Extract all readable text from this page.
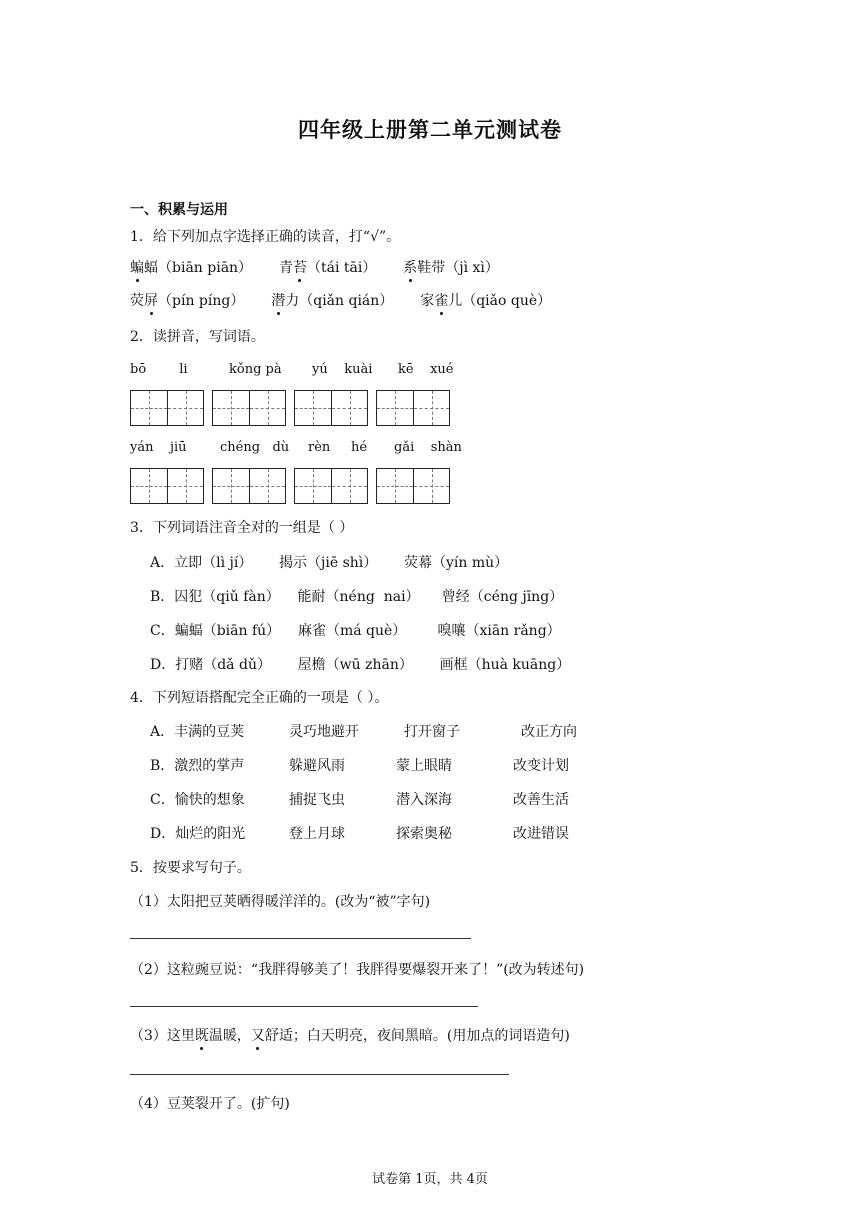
四年级上册第二单元测试卷
一、积累与运用
1．给下列加点字选择正确的读音，打“√”。
蝙蝠（biān piān） 青苔（tái tāi） 系鞋带（jì xì）
荧屏（pín píng） 潜力（qiǎn qián） 家雀儿（qiǎo què）
2．读拼音，写词语。
bō        li	kǒng pà yú    kuài kē    xué
yán    jiū	chéng   dù rèn     hé gǎi    shàn
3．下列词语注音全对的一组是（ ）
A．立即（lì jí）      揭示（jiē shì）      荧幕（yín mù）
B．囚犯（qiǔ fàn）    能耐（néng  nai）     曾经（céng jīng）
C．蝙蝠（biān fú）    麻雀（má què）       嗅嚷（xiān rǎng）
D．打赌（dǎ dǔ）      屋檐（wū zhān）      画框（huà kuāng）
4．下列短语搭配完全正确的一项是（ ）。
A．丰满的豆荚	灵巧地避开	打开窗子	改正方向
B．激烈的掌声	躲避风雨	蒙上眼睛	改变计划
C．愉快的想象	捕捉飞虫	潜入深海	改善生活
D．灿烂的阳光	登上月球	探索奥秘	改进错误
5．按要求写句子。
（1）太阳把豆荚晒得暖洋洋的。(改为“被”字句)
（2）这粒豌豆说：“我胖得够美了！我胖得要爆裂开来了！”(改为转述句)
（3）这里既温暖，又舒适；白天明亮，夜间黑暗。(用加点的词语造句)
（4）豆荚裂开了。(扩句)
试卷第 1页，共 4页
